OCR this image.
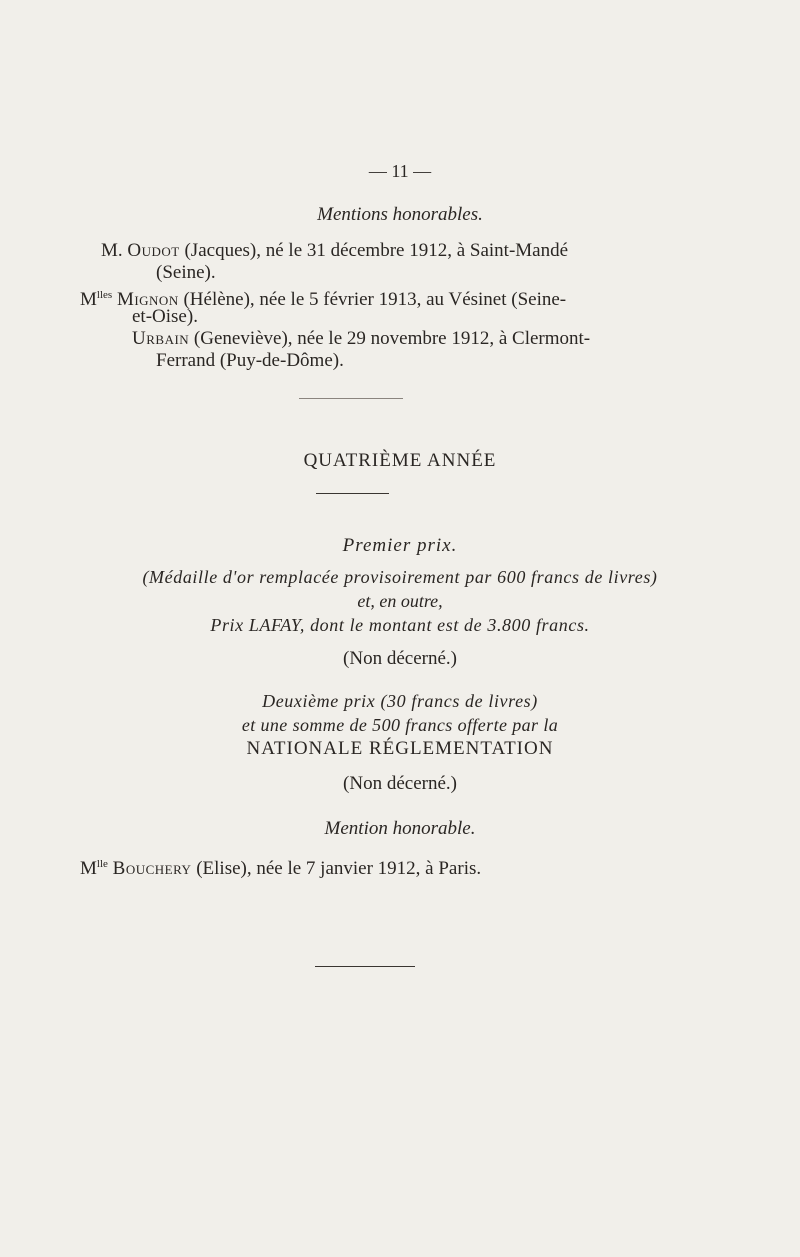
— 11 —
Mentions honorables.
M. Oudot (Jacques), né le 31 décembre 1912, à Saint-Mandé
(Seine).
$M^{lles}$ Mignon (Hélène), née le 5 février 1913, au Vésinet (Seine-
et-Oise).
Urbain (Geneviève), née le 29 novembre 1912, à Clermont-
Ferrand (Puy-de-Dôme).
QUATRIÈME ANNÉE
Premier prix.
(Médaille d'or remplacée provisoirement par 600 francs de livres)
et, en outre,
Prix LAFAY, dont le montant est de 3.800 francs.
(Non décerné.)
Deuxième prix (30 francs de livres)
et une somme de 500 francs offerte par la
NATIONALE RÉGLEMENTATION
(Non décerné.)
Mention honorable.
$M^{lle}$ Bouchery (Elise), née le 7 janvier 1912, à Paris.
